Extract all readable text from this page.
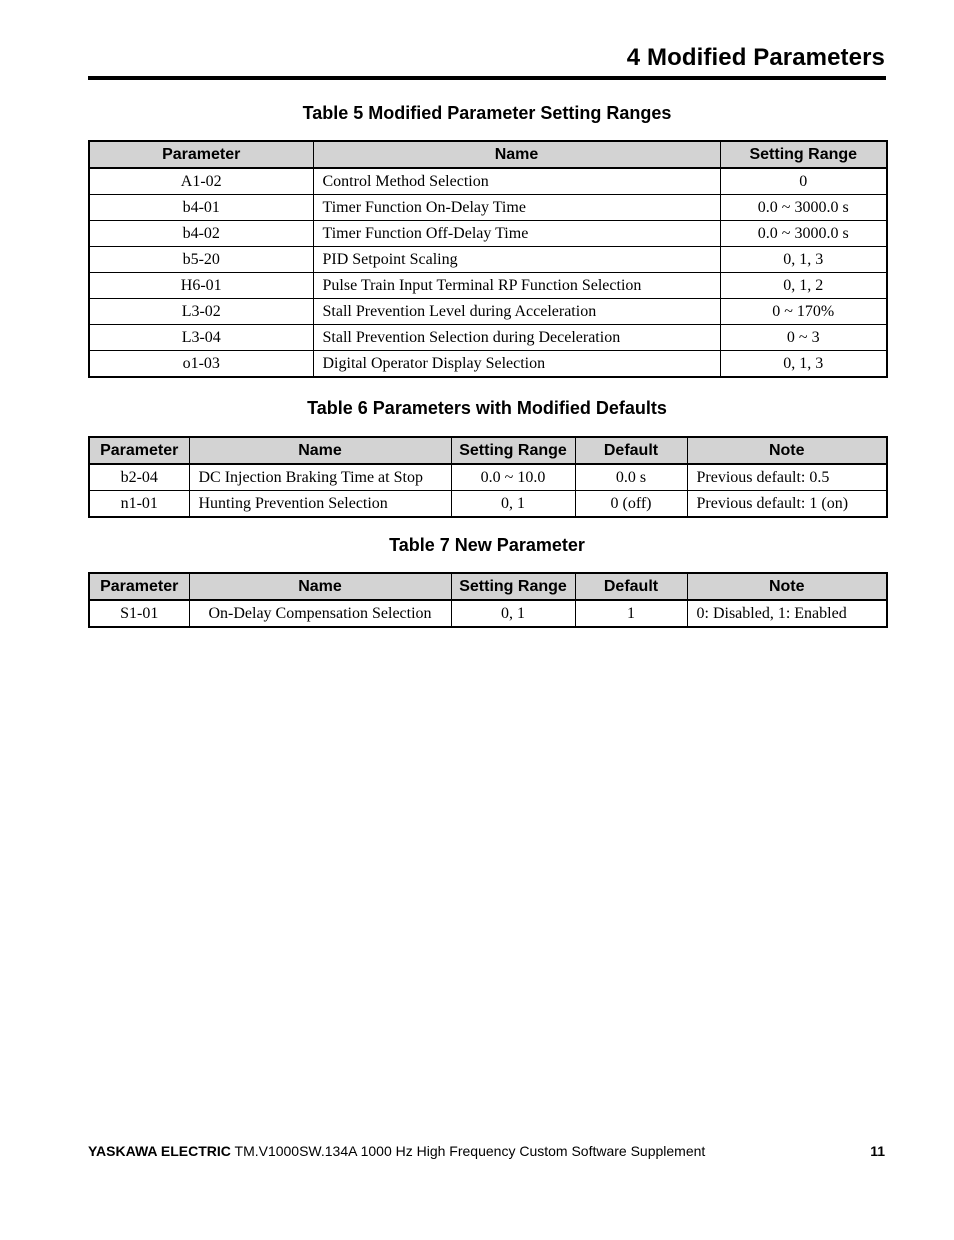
4 Modified Parameters
Table 5 Modified Parameter Setting Ranges
Parameter	Name	Setting Range
A1-02	Control Method Selection	0
b4-01	Timer Function On-Delay Time	0.0 ~ 3000.0 s
b4-02	Timer Function Off-Delay Time	0.0 ~ 3000.0 s
b5-20	PID Setpoint Scaling	0, 1, 3
H6-01	Pulse Train Input Terminal RP Function Selection	0, 1, 2
L3-02	Stall Prevention Level during Acceleration	0 ~ 170%
L3-04	Stall Prevention Selection during Deceleration	0 ~ 3
o1-03	Digital Operator Display Selection	0, 1, 3
Table 6 Parameters with Modified Defaults
Parameter	Name	Setting Range	Default	Note
b2-04	DC Injection Braking Time at Stop	0.0 ~ 10.0	0.0 s	Previous default: 0.5
n1-01	Hunting Prevention Selection	0, 1	0 (off)	Previous default: 1 (on)
Table 7 New Parameter
Parameter	Name	Setting Range	Default	Note
S1-01	On-Delay Compensation Selection	0, 1	1	0: Disabled, 1: Enabled
YASKAWA ELECTRIC TM.V1000SW.134A 1000 Hz High Frequency Custom Software Supplement	11
